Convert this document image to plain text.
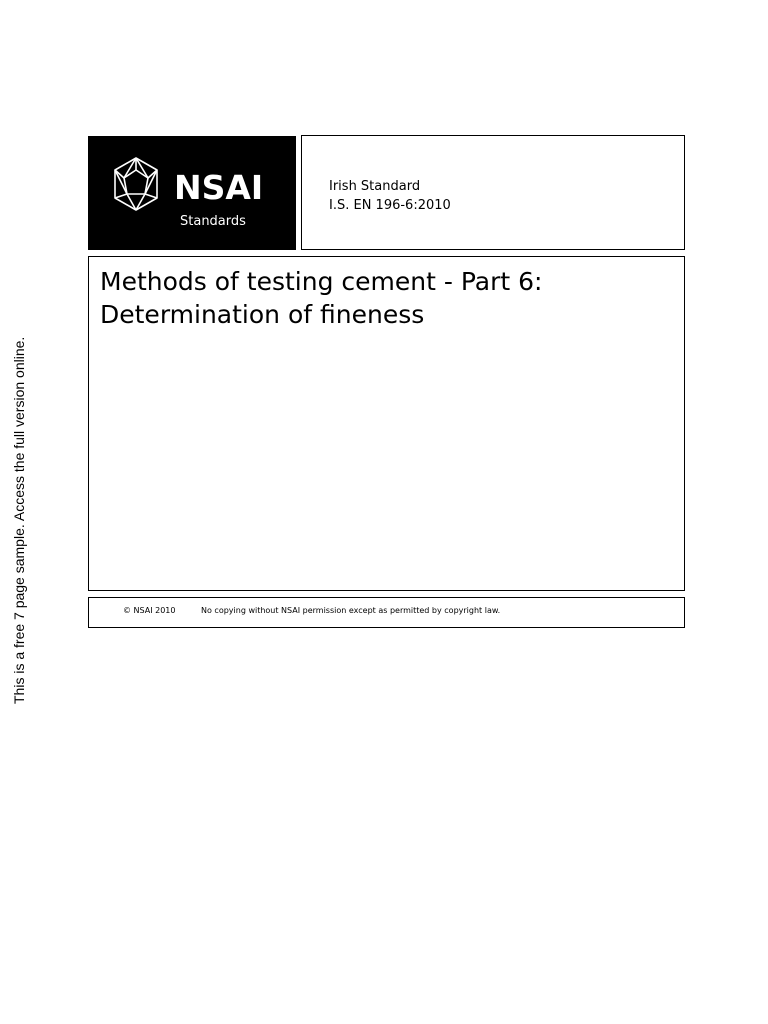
This is a free 7 page sample. Access the full version online.
NSAI
Standards
Irish Standard
I.S. EN 196-6:2010
Methods of testing cement - Part 6:
Determination of fineness
© NSAI 2010	No copying without NSAI permission except as permitted by copyright law.
